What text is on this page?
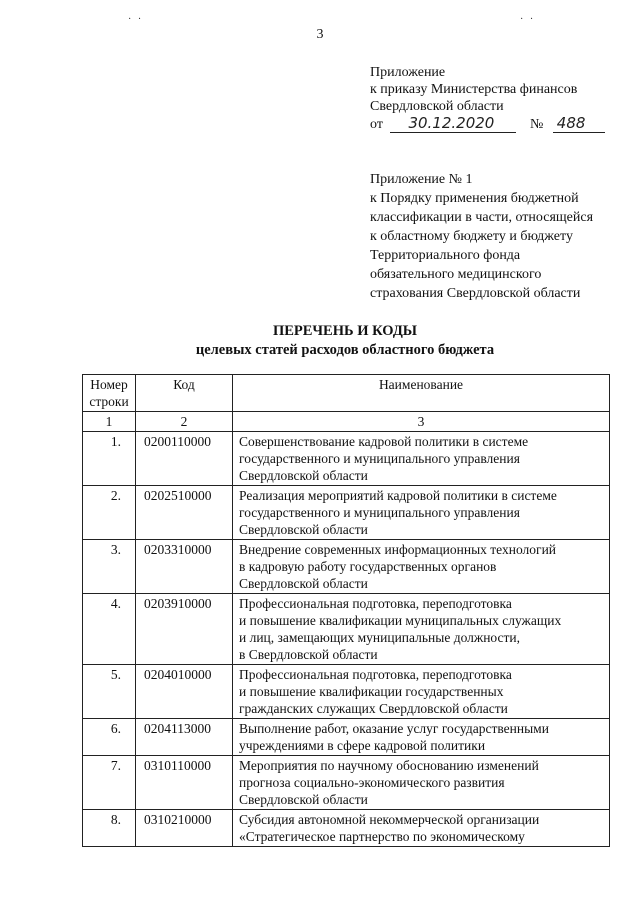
· ·	· ·
3
Приложение
к приказу Министерства финансов
Свердловской области
от 30.12.2020	№ 488
Приложение № 1
к Порядку применения бюджетной
классификации в части, относящейся
к областному бюджету и бюджету
Территориального фонда
обязательного медицинского
страхования Свердловской области
ПЕРЕЧЕНЬ И КОДЫ
целевых статей расходов областного бюджета
Номер
строки	Код	Наименование
1	2	3
1.	0200110000	Совершенствование кадровой политики в системе
государственного и муниципального управления
Свердловской области

2.	0202510000	Реализация мероприятий кадровой политики в системе
государственного и муниципального управления
Свердловской области

3.	0203310000	Внедрение современных информационных технологий
в кадровую работу государственных органов
Свердловской области

4.	0203910000	Профессиональная подготовка, переподготовка
и повышение квалификации муниципальных служащих
и лиц, замещающих муниципальные должности,
в Свердловской области

5.	0204010000	Профессиональная подготовка, переподготовка
и повышение квалификации государственных
гражданских служащих Свердловской области

6.	0204113000	Выполнение работ, оказание услуг государственными
учреждениями в сфере кадровой политики

7.	0310110000	Мероприятия по научному обоснованию изменений
прогноза социально-экономического развития
Свердловской области

8.	0310210000	Субсидия автономной некоммерческой организации
«Стратегическое партнерство по экономическому
